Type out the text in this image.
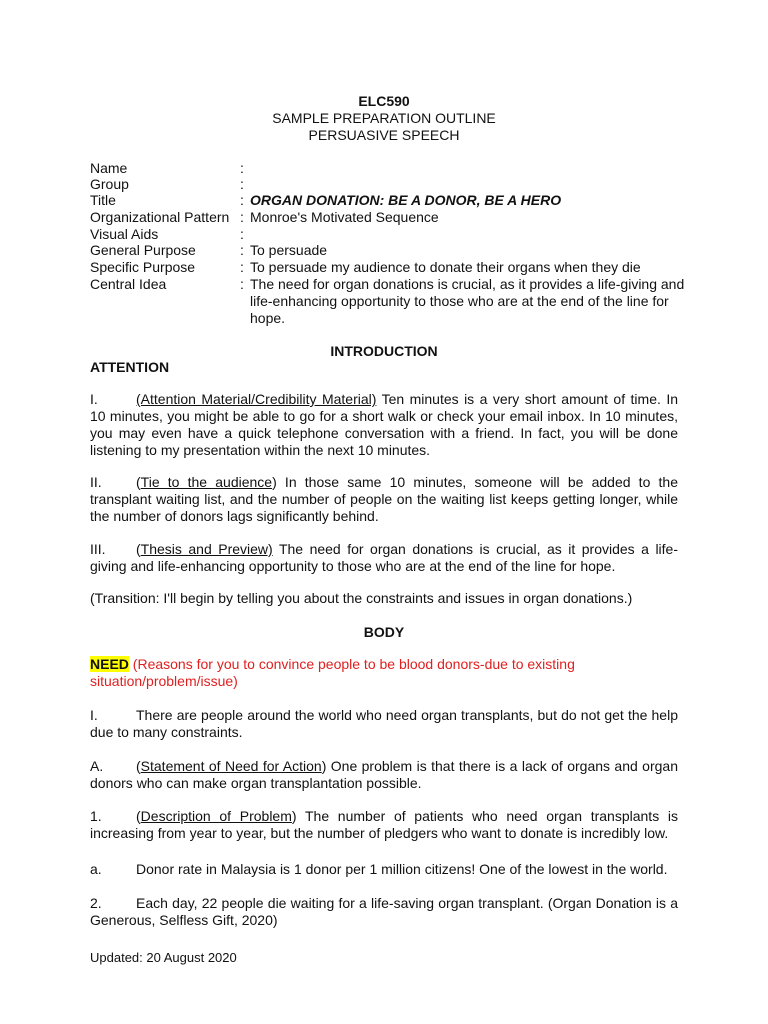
ELC590
SAMPLE PREPARATION OUTLINE
PERSUASIVE SPEECH
Name	:
Group	:
Title	: ORGAN DONATION: BE A DONOR, BE A HERO
Organizational Pattern : Monroe's Motivated Sequence
Visual Aids	:
General Purpose	: To persuade
Specific Purpose	: To persuade my audience to donate their organs when they die
Central Idea	: The need for organ donations is crucial, as it provides a life-giving and life-enhancing opportunity to those who are at the end of the line for hope.
INTRODUCTION
ATTENTION
I.	(Attention Material/Credibility Material) Ten minutes is a very short amount of time. In 10 minutes, you might be able to go for a short walk or check your email inbox. In 10 minutes, you may even have a quick telephone conversation with a friend. In fact, you will be done listening to my presentation within the next 10 minutes.
II. (Tie to the audience) In those same 10 minutes, someone will be added to the transplant waiting list, and the number of people on the waiting list keeps getting longer, while the number of donors lags significantly behind.
III. (Thesis and Preview) The need for organ donations is crucial, as it provides a life-giving and life-enhancing opportunity to those who are at the end of the line for hope.
(Transition: I'll begin by telling you about the constraints and issues in organ donations.)
BODY
NEED (Reasons for you to convince people to be blood donors-due to existing situation/problem/issue)
I.	There are people around the world who need organ transplants, but do not get the help due to many constraints.
A. (Statement of Need for Action) One problem is that there is a lack of organs and organ donors who can make organ transplantation possible.
1. (Description of Problem) The number of patients who need organ transplants is increasing from year to year, but the number of pledgers who want to donate is incredibly low.
a. Donor rate in Malaysia is 1 donor per 1 million citizens! One of the lowest in the world.
2. Each day, 22 people die waiting for a life-saving organ transplant. (Organ Donation is a Generous, Selfless Gift, 2020)
Updated: 20 August 2020
